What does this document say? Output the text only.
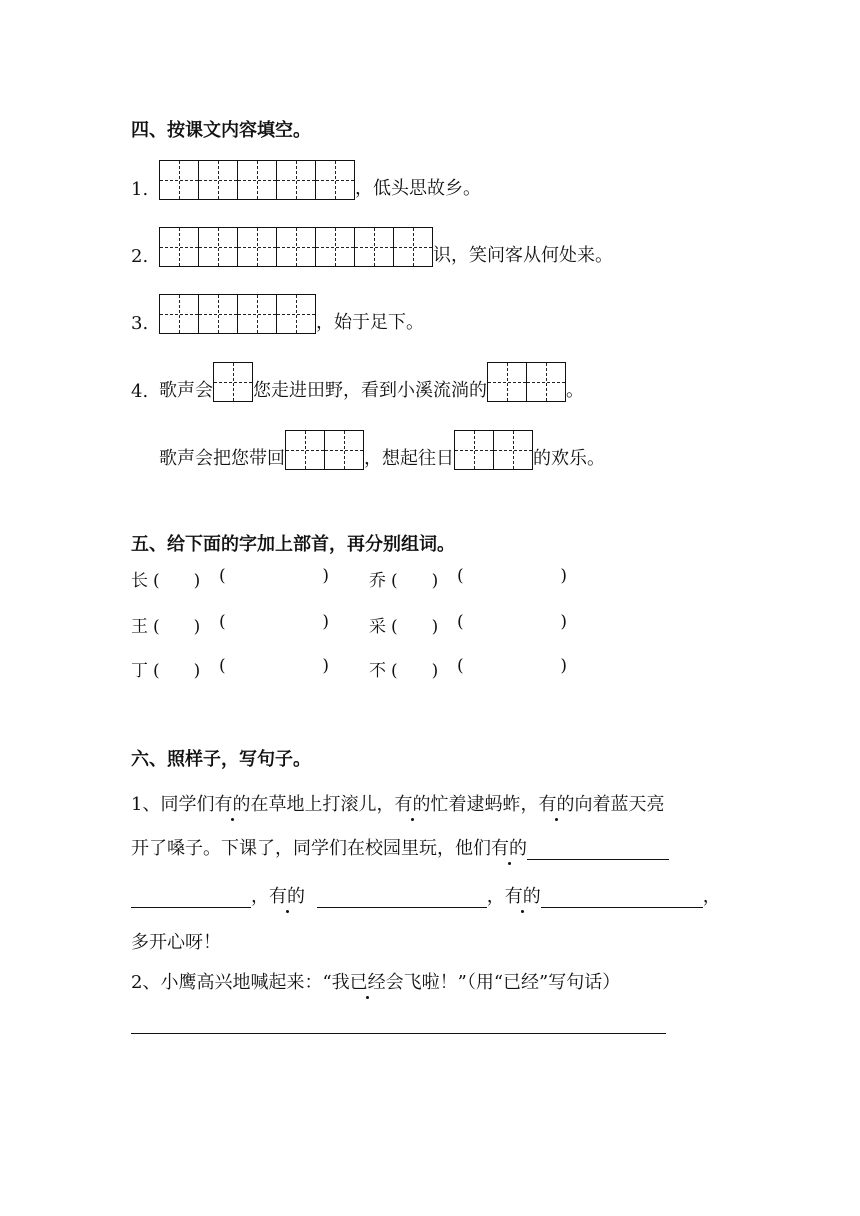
四、按课文内容填空。
1.	，低头思故乡。
2.	识，笑问客从何处来。
3.	，始于足下。
4. 歌声会 您走进田野，看到小溪流淌的	。
歌声会把您带回	，想起往日	的欢乐。
五、给下面的字加上部首，再分别组词。
长 (　　)	(	) 乔 (　　)	(	)
王 (　　)	(	) 采 (　　)	(	)
丁 (　　)	(	) 不 (　　)	(	)
六、照样子，写句子。
1、同学们有的在草地上打滚儿，有的忙着逮蚂蚱，有的向着蓝天亮
开了嗓子。下课了，同学们在校园里玩，他们有的
，有的	，有的	，
多开心呀！
2、小鹰高兴地喊起来：“我已经会飞啦！”（用“已经”写句话）
